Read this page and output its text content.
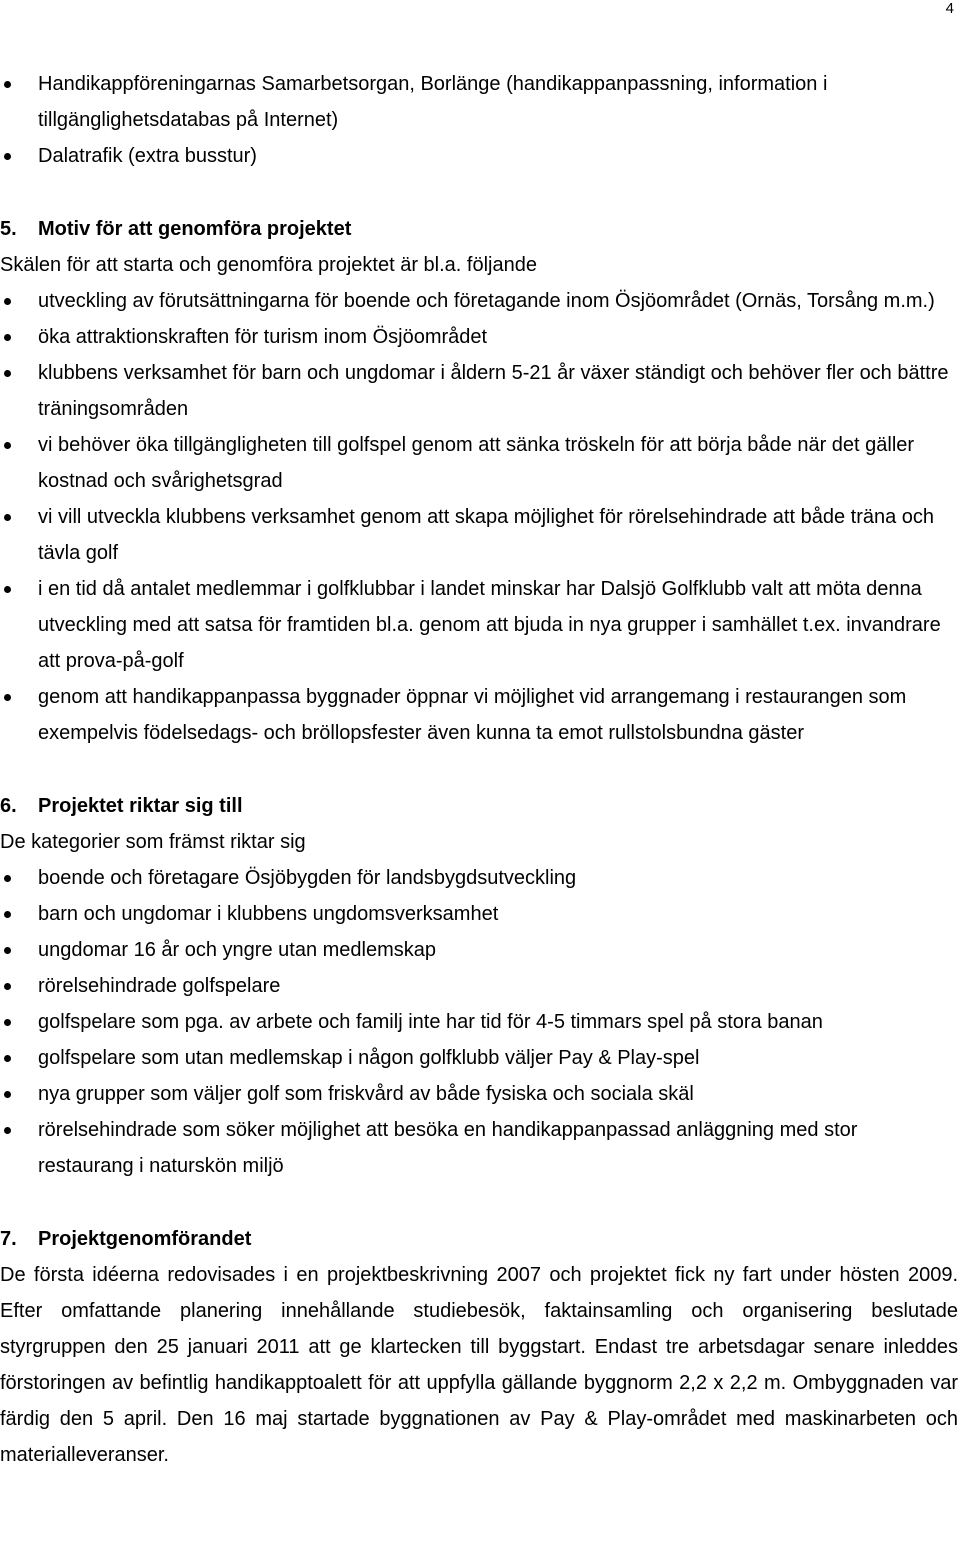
4
Handikappföreningarnas Samarbetsorgan, Borlänge (handikappanpassning, information i tillgänglighetsdatabas på Internet)
Dalatrafik (extra busstur)
5.	Motiv för att genomföra projektet

Skälen för att starta och genomföra projektet är bl.a. följande

utveckling av förutsättningarna för boende och företagande inom Ösjöområdet (Ornäs, Torsång m.m.)
öka attraktionskraften för turism inom Ösjöområdet
klubbens verksamhet för barn och ungdomar i åldern 5-21 år växer ständigt och behöver fler och bättre träningsområden
vi behöver öka tillgängligheten till golfspel genom att sänka tröskeln för att börja både när det gäller kostnad och svårighetsgrad
vi vill utveckla klubbens verksamhet genom att skapa möjlighet för rörelsehindrade att både träna och tävla golf
i en tid då antalet medlemmar i golfklubbar i landet minskar har Dalsjö Golfklubb valt att möta denna utveckling med att satsa för framtiden bl.a. genom att bjuda in nya grupper i samhället t.ex. invandrare att prova-på-golf
genom att handikappanpassa byggnader öppnar vi möjlighet vid arrangemang i restaurangen som exempelvis födelsedags- och bröllopsfester även kunna ta emot rullstolsbundna gäster
6.	Projektet riktar sig till

De kategorier som främst riktar sig

boende och företagare Ösjöbygden för landsbygdsutveckling
barn och ungdomar i klubbens ungdomsverksamhet
ungdomar 16 år och yngre utan medlemskap
rörelsehindrade golfspelare
golfspelare som pga. av arbete och familj inte har tid för 4-5 timmars spel på stora banan
golfspelare som utan medlemskap i någon golfklubb väljer Pay & Play-spel
nya grupper som väljer golf som friskvård av både fysiska och sociala skäl
rörelsehindrade som söker möjlighet att besöka en handikappanpassad anläggning med stor restaurang i naturskön miljö
7.	Projektgenomförandet

De första idéerna redovisades i en projektbeskrivning 2007 och projektet fick ny fart under hösten 2009. Efter omfattande planering innehållande studiebesök, faktainsamling och organisering beslutade styrgruppen den 25 januari 2011 att ge klartecken till byggstart. Endast tre arbetsdagar senare inleddes förstoringen av befintlig handikapptoalett för att uppfylla gällande byggnorm 2,2 x 2,2 m. Ombyggnaden var färdig den 5 april. Den 16 maj startade byggnationen av Pay & Play-området med maskinarbeten och materialleveranser.
